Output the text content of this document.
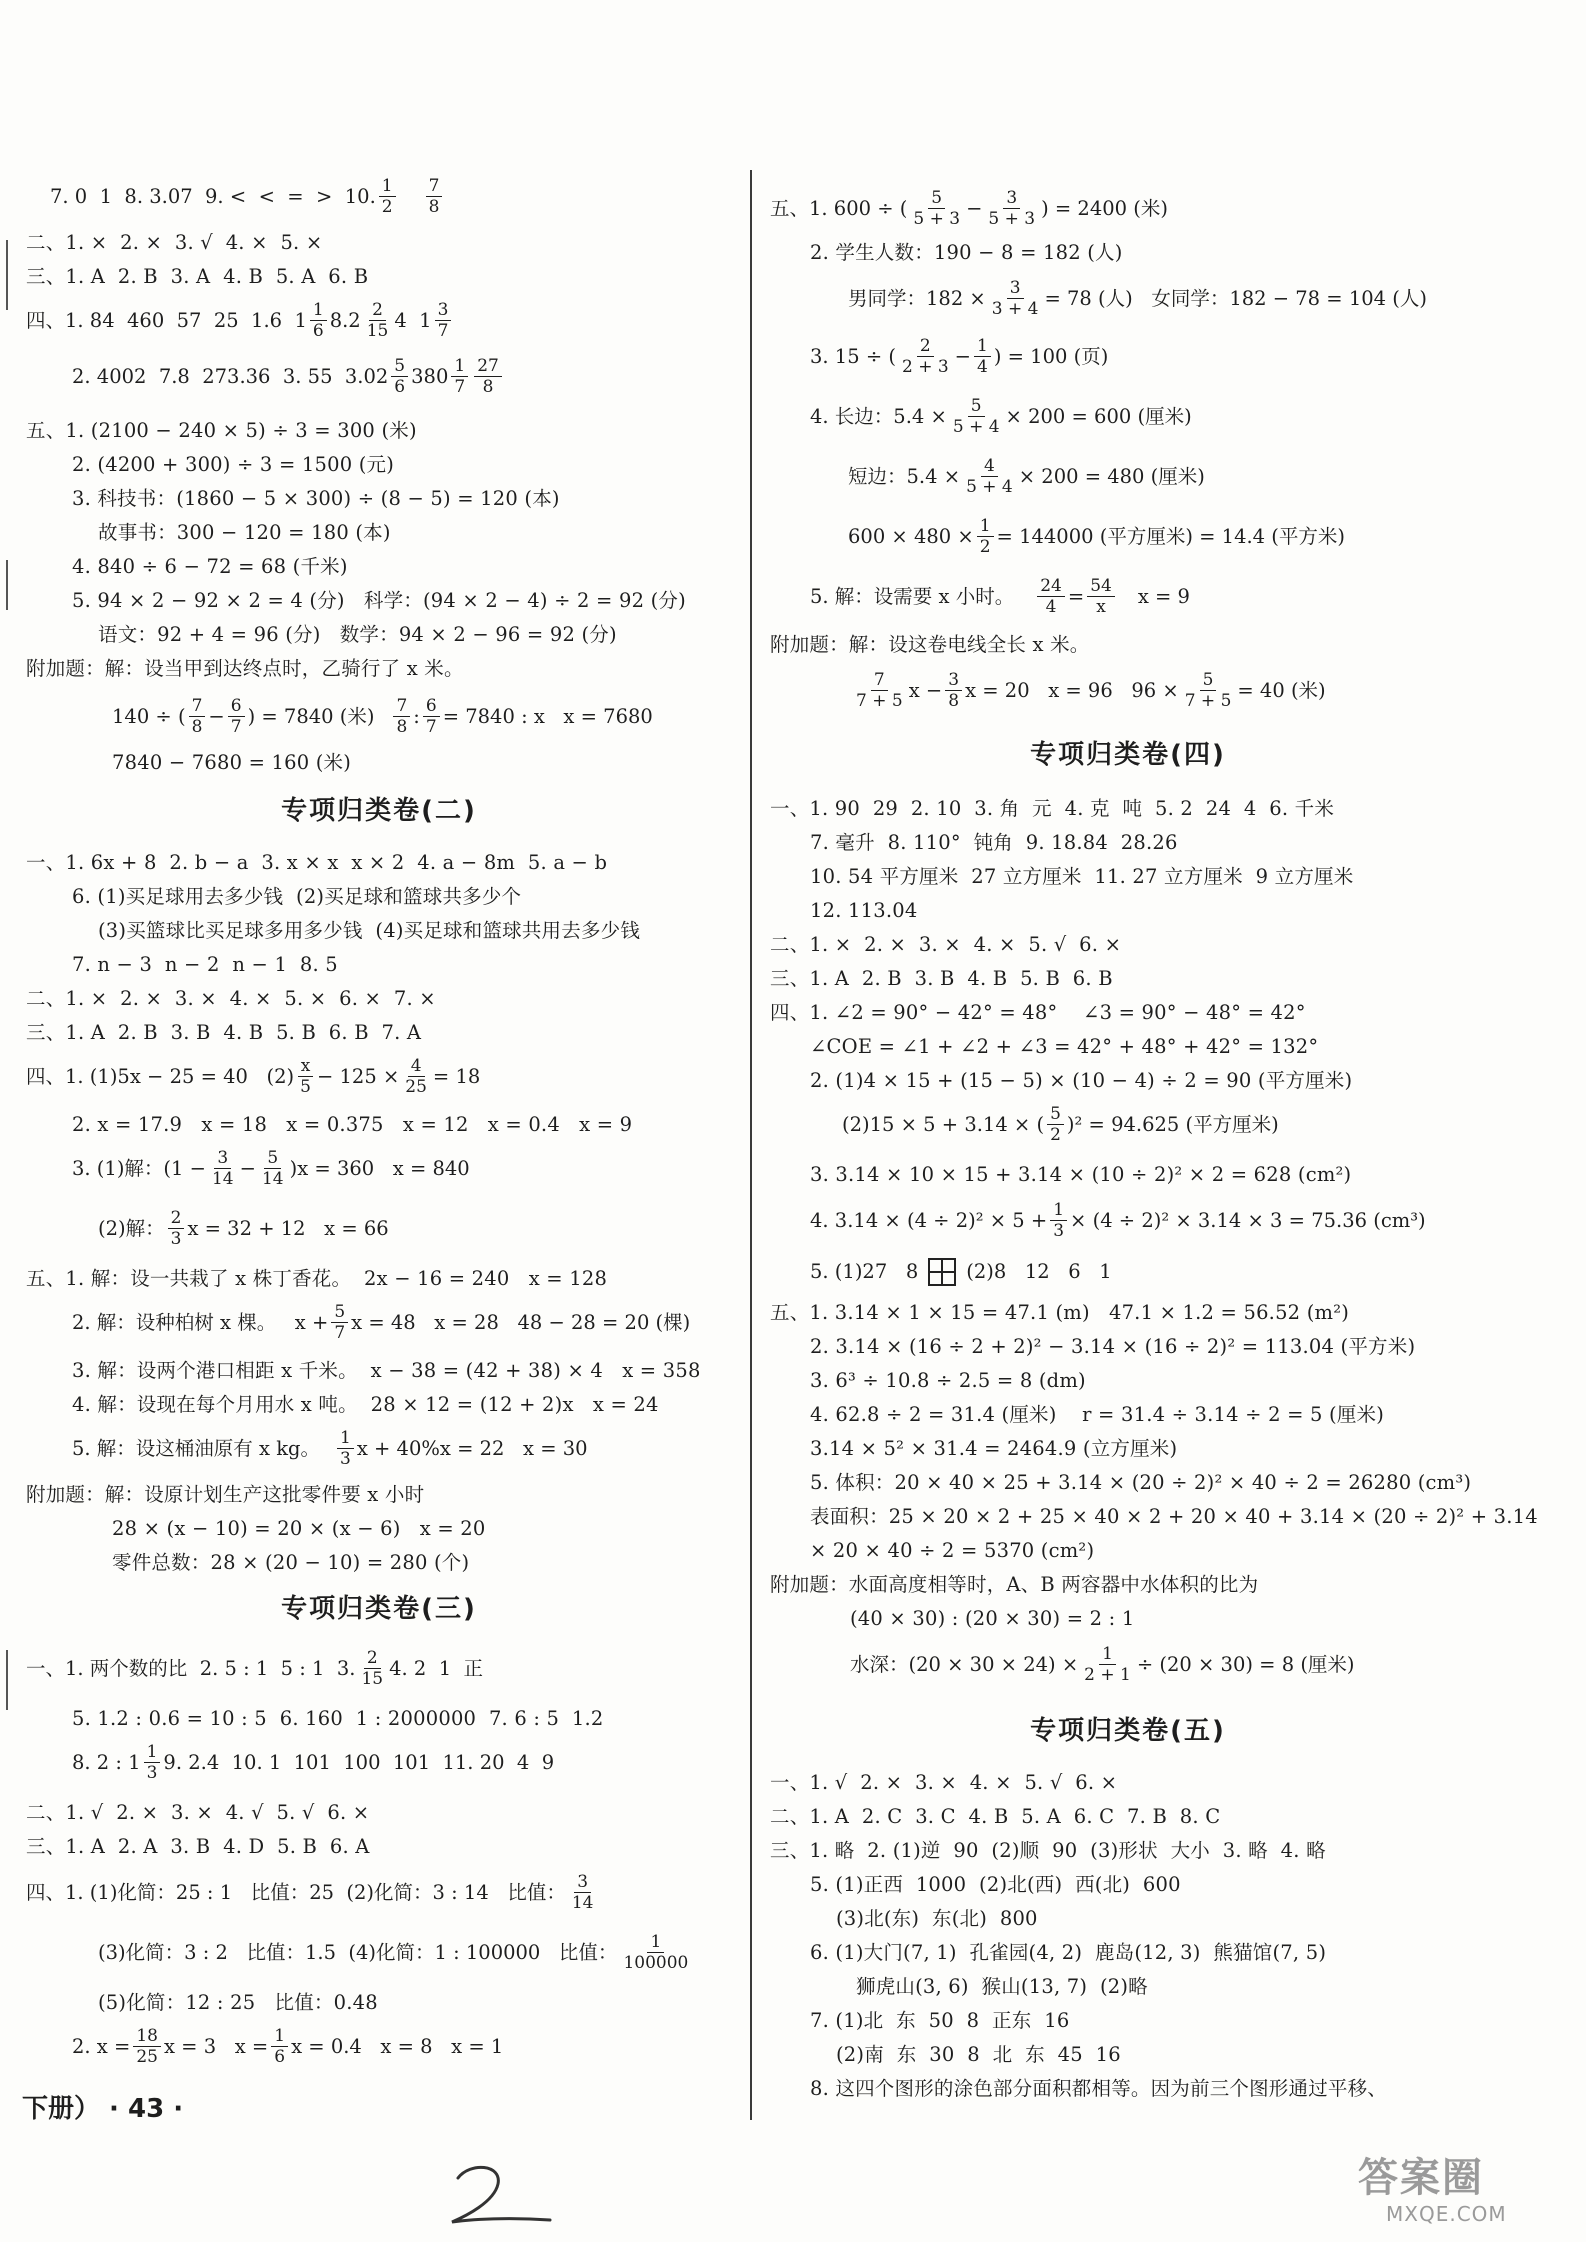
7. 0  1  8. 3.07  9. <  <  =  >  10. $\frac{1}{2} \frac{7}{8}$
二、1. ×  2. ×  3. √  4. ×  5. ×
三、1. A  2. B  3. A  4. B  5. A  6. B
四、1. 84  460  57  25  1.6  $1 \frac{1}{6} 8.2 \frac{2}{15} 4$  $1 \frac{3}{7}$
2. 4002  7.8  273.36  3. 55  $3.02 \frac{5}{6} 380 \frac{1}{7} \frac{27}{8}$
五、1. (2100 − 240 × 5) ÷ 3 = 300 (米)
2. (4200 + 300) ÷ 3 = 1500 (元)
3. 科技书：(1860 − 5 × 300) ÷ (8 − 5) = 120 (本)
故事书：300 − 120 = 180 (本)
4. 840 ÷ 6 − 72 = 68 (千米)
5. 94 × 2 − 92 × 2 = 4 (分)   科学：(94 × 2 − 4) ÷ 2 = 92 (分)
语文：92 + 4 = 96 (分)   数学：94 × 2 − 96 = 92 (分)
附加题：解：设当甲到达终点时，乙骑行了 x 米。
140 ÷ ( $\frac{7}{8} - \frac{6}{7}$ ) = 7840 (米) $\frac{7}{8}$ : $\frac{6}{7} = 7840$ : x   x = 7680
7840 − 7680 = 160 (米)
专项归类卷(二)
一、1. 6x + 8  2. b − a  3. x × x  x × 2  4. a − 8m  5. a − b
6. (1)买足球用去多少钱  (2)买足球和篮球共多少个
(3)买篮球比买足球多用多少钱  (4)买足球和篮球共用去多少钱
7. n − 3  n − 2  n − 1  8. 5
二、1. ×  2. ×  3. ×  4. ×  5. ×  6. ×  7. ×
三、1. A  2. B  3. B  4. B  5. B  6. B  7. A
四、1. (1)5x − 25 = 40   $(2) \frac{x}{5} - 125 \times \frac{4}{25} = 18$
2. x = 17.9   x = 18   x = 0.375   x = 12   x = 0.4   x = 9
3. (1)解：$(1 - \frac{3}{14} - \frac{5}{14} )x = 360$   x = 840
(2)解： $\frac{2}{3}$ x = 32 + 12   x = 66
五、1. 解：设一共栽了 x 株丁香花。  2x − 16 = 240   x = 128
2. 解：设种柏树 x 棵。   $x + \frac{5}{7}$ x = 48   x = 28   48 − 28 = 20 (棵)
3. 解：设两个港口相距 x 千米。  x − 38 = (42 + 38) × 4   x = 358
4. 解：设现在每个月用水 x 吨。  28 × 12 = (12 + 2)x   x = 24
5. 解：设这桶油原有 x kg。 $\frac{1}{3}$ x + 40%x = 22   x = 30
附加题：解：设原计划生产这批零件要 x 小时
28 × (x − 10) = 20 × (x − 6)   x = 20
零件总数：28 × (20 − 10) = 280 (个)
专项归类卷(三)
一、1. 两个数的比  2. 5 : 1  5 : 1  3. $\frac{2}{15} 4$. 2  1  正
5. 1.2 : 0.6 = 10 : 5  6. 160  1 : 2000000  7. 6 : 5  1.2
8. 2 : $1 \frac{1}{3} 9$. 2.4  10. 1  101  100  101  11. 20  4  9
二、1. √  2. ×  3. ×  4. √  5. √  6. ×
三、1. A  2. A  3. B  4. D  5. B  6. A
四、1. (1)化简：25 : 1   比值：25  (2)化简：3 : 14   比值： $\frac{3}{14}$
(3)化简：3 : 2   比值：1.5  (4)化简：1 : 100000   比值： $\frac{1}{100000}$
(5)化简：12 : 25   比值：0.48
2. $x = \frac{18}{25}$ x = 3   $x = \frac{1}{6}$ x = 0.4   x = 8   x = 1
五、1. 600 ÷ ( $\frac{5}{5 + 3} - \frac{3}{5 + 3}$ ) = 2400 (米)
2. 学生人数：190 − 8 = 182 (人)
男同学：$182 \times \frac{3}{3 + 4} = 78$ (人)   女同学：182 − 78 = 104 (人)
3. 15 ÷ ( $\frac{2}{2 + 3} - \frac{1}{4}$ ) = 100 (页)
4. 长边：$5.4 \times \frac{5}{5 + 4} \times 200 = 600$ (厘米)
短边：$5.4 \times \frac{4}{5 + 4} \times 200 = 480$ (厘米)
$600 \times 480 \times \frac{1}{2} = 144000$ (平方厘米) = 14.4 (平方米)
5. 解：设需要 x 小时。 $\frac{24}{4} = \frac{54}{x}$ x = 9
附加题：解：设这卷电线全长 x 米。
$\frac{7}{7 + 5}$ $x - \frac{3}{8}$ x = 20   x = 96   $96 \times \frac{5}{7 + 5} = 40$ (米)
专项归类卷(四)
一、1. 90  29  2. 10  3. 角  元  4. 克  吨  5. 2  24  4  6. 千米
7. 毫升  8. 110°  钝角  9. 18.84  28.26
10. 54 平方厘米  27 立方厘米  11. 27 立方厘米  9 立方厘米
12. 113.04
二、1. ×  2. ×  3. ×  4. ×  5. √  6. ×
三、1. A  2. B  3. B  4. B  5. B  6. B
四、1. ∠2 = 90° − 42° = 48°    ∠3 = 90° − 48° = 42°
∠COE = ∠1 + ∠2 + ∠3 = 42° + 48° + 42° = 132°
2. (1)4 × 15 + (15 − 5) × (10 − 4) ÷ 2 = 90 (平方厘米)
(2)15 × 5 + 3.14 × ( $\frac{5}{2} )^2 = 94.625$ (平方厘米)
3. 3.14 × 10 × 15 + 3.14 × (10 ÷ 2)² × 2 = 628 (cm²)
4. $3.14 \times (4 \div 2)^2 \times 5 + \frac{1}{3} \times (4 \div 2)^2 \times 3.14 \times 3 = 75.36$ (cm³)
5. (1)27   8 (2)8   12   6   1
五、1. 3.14 × 1 × 15 = 47.1 (m)   47.1 × 1.2 = 56.52 (m²)
2. 3.14 × (16 ÷ 2 + 2)² − 3.14 × (16 ÷ 2)² = 113.04 (平方米)
3. 6³ ÷ 10.8 ÷ 2.5 = 8 (dm)
4. 62.8 ÷ 2 = 31.4 (厘米)    r = 31.4 ÷ 3.14 ÷ 2 = 5 (厘米)
3.14 × 5² × 31.4 = 2464.9 (立方厘米)
5. 体积：20 × 40 × 25 + 3.14 × (20 ÷ 2)² × 40 ÷ 2 = 26280 (cm³)
表面积：25 × 20 × 2 + 25 × 40 × 2 + 20 × 40 + 3.14 × (20 ÷ 2)² + 3.14
× 20 × 40 ÷ 2 = 5370 (cm²)
附加题：水面高度相等时，A、B 两容器中水体积的比为
(40 × 30) : (20 × 30) = 2 : 1
水深：$(20 \times 30 \times 24) \times \frac{1}{2 + 1} \div (20 \times 30) = 8$ (厘米)
专项归类卷(五)
一、1. √  2. ×  3. ×  4. ×  5. √  6. ×
二、1. A  2. C  3. C  4. B  5. A  6. C  7. B  8. C
三、1. 略  2. (1)逆  90  (2)顺  90  (3)形状  大小  3. 略  4. 略
5. (1)正西  1000  (2)北(西)  西(北)  600
(3)北(东)  东(北)  800
6. (1)大门(7, 1)  孔雀园(4, 2)  鹿岛(12, 3)  熊猫馆(7, 5)
狮虎山(3, 6)  猴山(13, 7)  (2)略
7. (1)北  东  50  8  正东  16
(2)南  东  30  8  北  东  45  16
8. 这四个图形的涂色部分面积都相等。因为前三个图形通过平移、
下册） · 43 ·
答案圈
MXQE.COM
